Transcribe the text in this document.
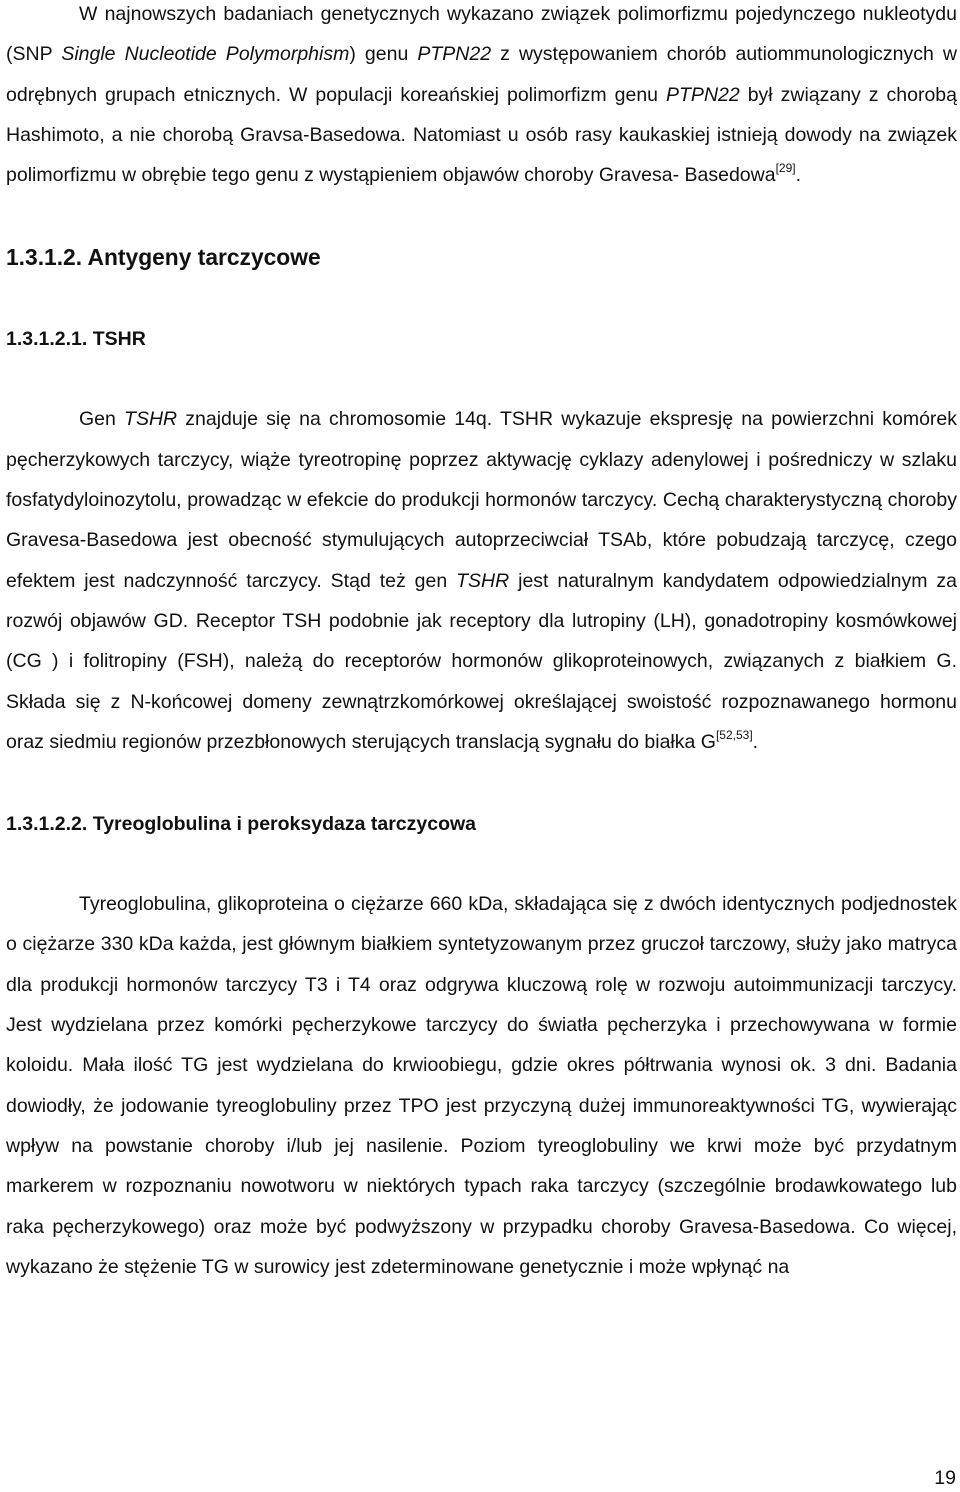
W najnowszych badaniach genetycznych wykazano związek polimorfizmu pojedynczego nukleotydu (SNP Single Nucleotide Polymorphism) genu PTPN22 z występowaniem chorób autiommunologicznych w odrębnych grupach etnicznych. W populacji koreańskiej polimorfizm genu PTPN22 był związany z chorobą Hashimoto, a nie chorobą Gravsa-Basedowa. Natomiast u osób rasy kaukaskiej istnieją dowody na związek polimorfizmu w obrębie tego genu z wystąpieniem objawów choroby Gravesa- Basedowa[29].

1.3.1.2. Antygeny tarczycowe
1.3.1.2.1. TSHR

Gen TSHR znajduje się na chromosomie 14q. TSHR wykazuje ekspresję na powierzchni komórek pęcherzykowych tarczycy, wiąże tyreotropinę poprzez aktywację cyklazy adenylowej i pośredniczy w szlaku fosfatydyloinozytolu, prowadząc w efekcie do produkcji hormonów tarczycy. Cechą charakterystyczną choroby Gravesa-Basedowa jest obecność stymulujących autoprzeciwciał TSAb, które pobudzają tarczycę, czego efektem jest nadczynność tarczycy. Stąd też gen TSHR jest naturalnym kandydatem odpowiedzialnym za rozwój objawów GD. Receptor TSH podobnie jak receptory dla lutropiny (LH), gonadotropiny kosmówkowej (CG ) i folitropiny (FSH), należą do receptorów hormonów glikoproteinowych, związanych z białkiem G. Składa się z N-końcowej domeny zewnątrzkomórkowej określającej swoistość rozpoznawanego hormonu oraz siedmiu regionów przezbłonowych sterujących translacją sygnału do białka G[52,53].

1.3.1.2.2. Tyreoglobulina i peroksydaza tarczycowa

Tyreoglobulina, glikoproteina o ciężarze 660 kDa, składająca się z dwóch identycznych podjednostek o ciężarze 330 kDa każda, jest głównym białkiem syntetyzowanym przez gruczoł tarczowy, służy jako matryca dla produkcji hormonów tarczycy T3 i T4 oraz odgrywa kluczową rolę w rozwoju autoimmunizacji tarczycy. Jest wydzielana przez komórki pęcherzykowe tarczycy do światła pęcherzyka i przechowywana w formie koloidu. Mała ilość TG jest wydzielana do krwioobiegu, gdzie okres półtrwania wynosi ok. 3 dni. Badania dowiodły, że jodowanie tyreoglobuliny przez TPO jest przyczyną dużej immunoreaktywności TG, wywierając wpływ na powstanie choroby i/lub jej nasilenie. Poziom tyreoglobuliny we krwi może być przydatnym markerem w rozpoznaniu nowotworu w niektórych typach raka tarczycy (szczególnie brodawkowatego lub raka pęcherzykowego) oraz może być podwyższony w przypadku choroby Gravesa-Basedowa. Co więcej, wykazano że stężenie TG w surowicy jest zdeterminowane genetycznie i może wpłynąć na

19
